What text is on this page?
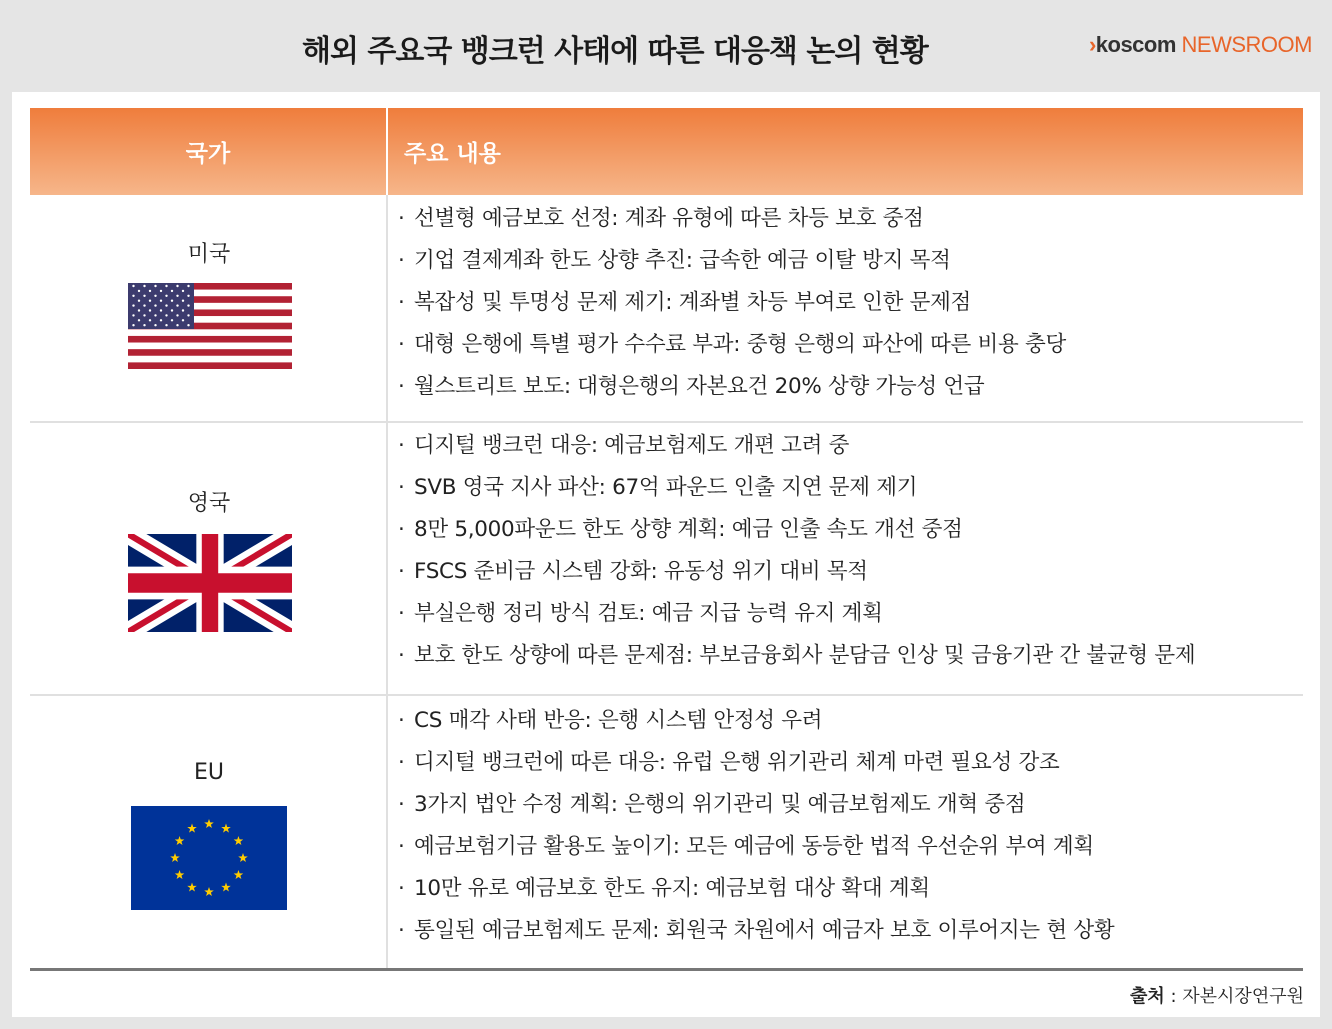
해외 주요국 뱅크런 사태에 따른 대응책 논의 현황	›koscom NEWSROOM
국가	주요 내용
미국
· 선별형 예금보호 선정: 계좌 유형에 따른 차등 보호 중점
· 기업 결제계좌 한도 상향 추진: 급속한 예금 이탈 방지 목적
· 복잡성 및 투명성 문제 제기: 계좌별 차등 부여로 인한 문제점
· 대형 은행에 특별 평가 수수료 부과: 중형 은행의 파산에 따른 비용 충당
· 월스트리트 보도: 대형은행의 자본요건 20% 상향 가능성 언급
영국
· 디지털 뱅크런 대응: 예금보험제도 개편 고려 중
· SVB 영국 지사 파산: 67억 파운드 인출 지연 문제 제기
· 8만 5,000파운드 한도 상향 계획: 예금 인출 속도 개선 중점
· FSCS 준비금 시스템 강화: 유동성 위기 대비 목적
· 부실은행 정리 방식 검토: 예금 지급 능력 유지 계획
· 보호 한도 상향에 따른 문제점: 부보금융회사 분담금 인상 및 금융기관 간 불균형 문제
EU
· CS 매각 사태 반응: 은행 시스템 안정성 우려
· 디지털 뱅크런에 따른 대응: 유럽 은행 위기관리 체계 마련 필요성 강조
· 3가지 법안 수정 계획: 은행의 위기관리 및 예금보험제도 개혁 중점
· 예금보험기금 활용도 높이기: 모든 예금에 동등한 법적 우선순위 부여 계획
· 10만 유로 예금보호 한도 유지: 예금보험 대상 확대 계획
· 통일된 예금보험제도 문제: 회원국 차원에서 예금자 보호 이루어지는 현 상황
출처 : 자본시장연구원
